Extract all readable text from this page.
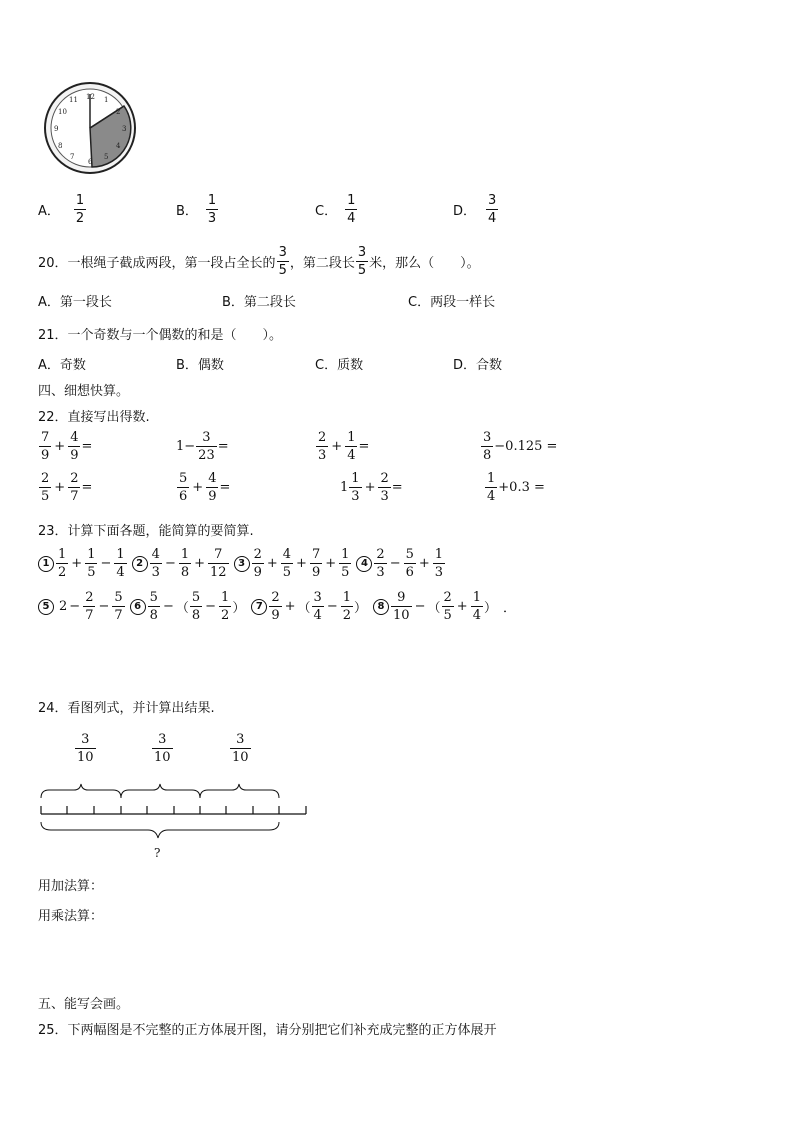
12
3
6
9
1
2
4
5
7
8
10
11
A． $\frac{1}{2}$	B． $\frac{1}{3}$	C． $\frac{1}{4}$	D． $\frac{3}{4}$
20． 一根绳子截成两段，第一段占全长的 $\frac{3}{5}$ ，第二段长 $\frac{3}{5}$ 米，那么（　　）。
A．第一段长	B．第二段长	C．两段一样长
21．一个奇数与一个偶数的和是（　　）。
A．奇数	B．偶数	C．质数	D．合数
四、细想快算。
22．直接写出得数.
$\frac{7}{9} + \frac{4}{9}$ =	$1- \frac{3}{23}$ =	$\frac{2}{3} + \frac{1}{4}$ =	$\frac{3}{8} -0.125$ =
$\frac{2}{5} + \frac{2}{7}$ =	$\frac{5}{6} + \frac{4}{9}$ =	$1 \frac{1}{3} + \frac{2}{3}$ =	$\frac{1}{4} +0.3$ =
23．计算下面各题，能简算的要简算.
$1 \frac{1}{2} + \frac{1}{5} - \frac{1}{4} 2 \frac{4}{3} - \frac{1}{8} + \frac{7}{12} 3 \frac{2}{9} + \frac{4}{5} + \frac{7}{9} + \frac{1}{5} 4 \frac{2}{3} - \frac{5}{6} + \frac{1}{3}$
5 $2 - \frac{2}{7} - \frac{5}{7} 6 \frac{5}{8}$ − （ $\frac{5}{8} - \frac{1}{2}$ ）	$7 \frac{2}{9}$ + （ $\frac{3}{4} - \frac{1}{2}$ ）	$8 \frac{9}{10}$ − （ $\frac{2}{5} + \frac{1}{4}$ ） ．
24．看图列式，并计算出结果.
$\frac{3}{10}$	$\frac{3}{10}$	$\frac{3}{10}$
?
用加法算：
用乘法算：
五、能写会画。
25．下两幅图是不完整的正方体展开图，请分别把它们补充成完整的正方体展开
